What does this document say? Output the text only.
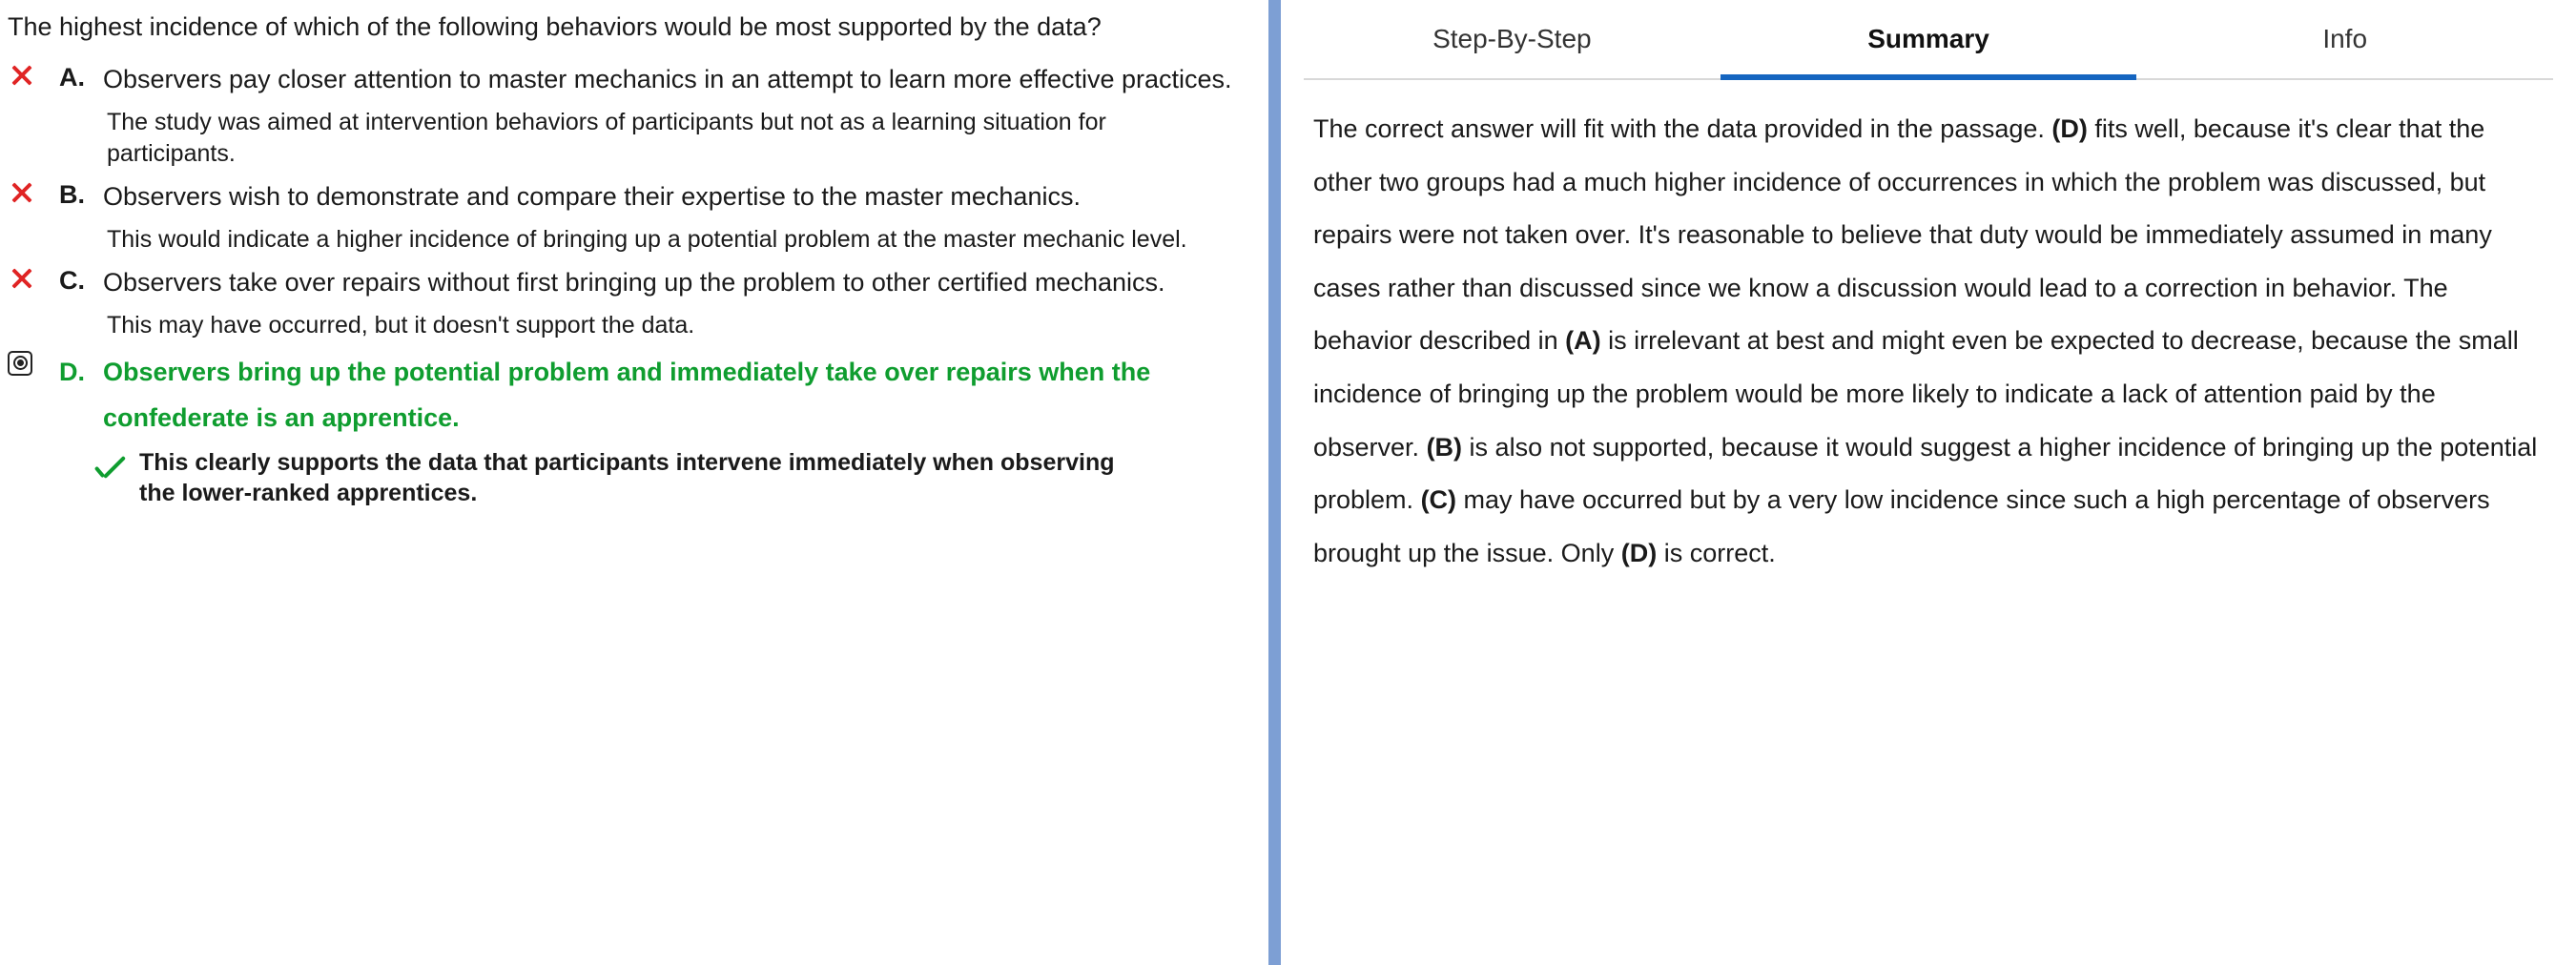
The highest incidence of which of the following behaviors would be most supported by the data?

A. Observers pay closer attention to master mechanics in an attempt to learn more effective practices.
The study was aimed at intervention behaviors of participants but not as a learning situation for participants.
B. Observers wish to demonstrate and compare their expertise to the master mechanics.
This would indicate a higher incidence of bringing up a potential problem at the master mechanic level.
C. Observers take over repairs without first bringing up the problem to other certified mechanics.
This may have occurred, but it doesn't support the data.
D. Observers bring up the potential problem and immediately take over repairs when the confederate is an apprentice.
This clearly supports the data that participants intervene immediately when observing the lower-ranked apprentices.
Step-By-Step	Summary	Info
The correct answer will fit with the data provided in the passage. (D) fits well, because it's clear that the other two groups had a much higher incidence of occurrences in which the problem was discussed, but repairs were not taken over. It's reasonable to believe that duty would be immediately assumed in many cases rather than discussed since we know a discussion would lead to a correction in behavior. The behavior described in (A) is irrelevant at best and might even be expected to decrease, because the small incidence of bringing up the problem would be more likely to indicate a lack of attention paid by the observer. (B) is also not supported, because it would suggest a higher incidence of bringing up the potential problem. (C) may have occurred but by a very low incidence since such a high percentage of observers brought up the issue. Only (D) is correct.
